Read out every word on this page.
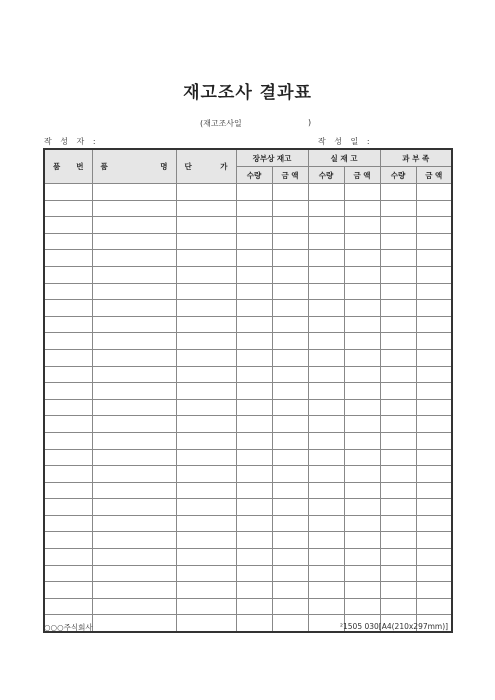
재고조사 결과표
(재고조사일	)
작 성 자 :	작 성 일 :
품 번	품 명	단 가	장부상 재고		실 재 고		과 부 족	
			수량	금 액	수량	금 액	수량	금 액

○○○주식회사	²1505 030[A4(210x297mm)]
